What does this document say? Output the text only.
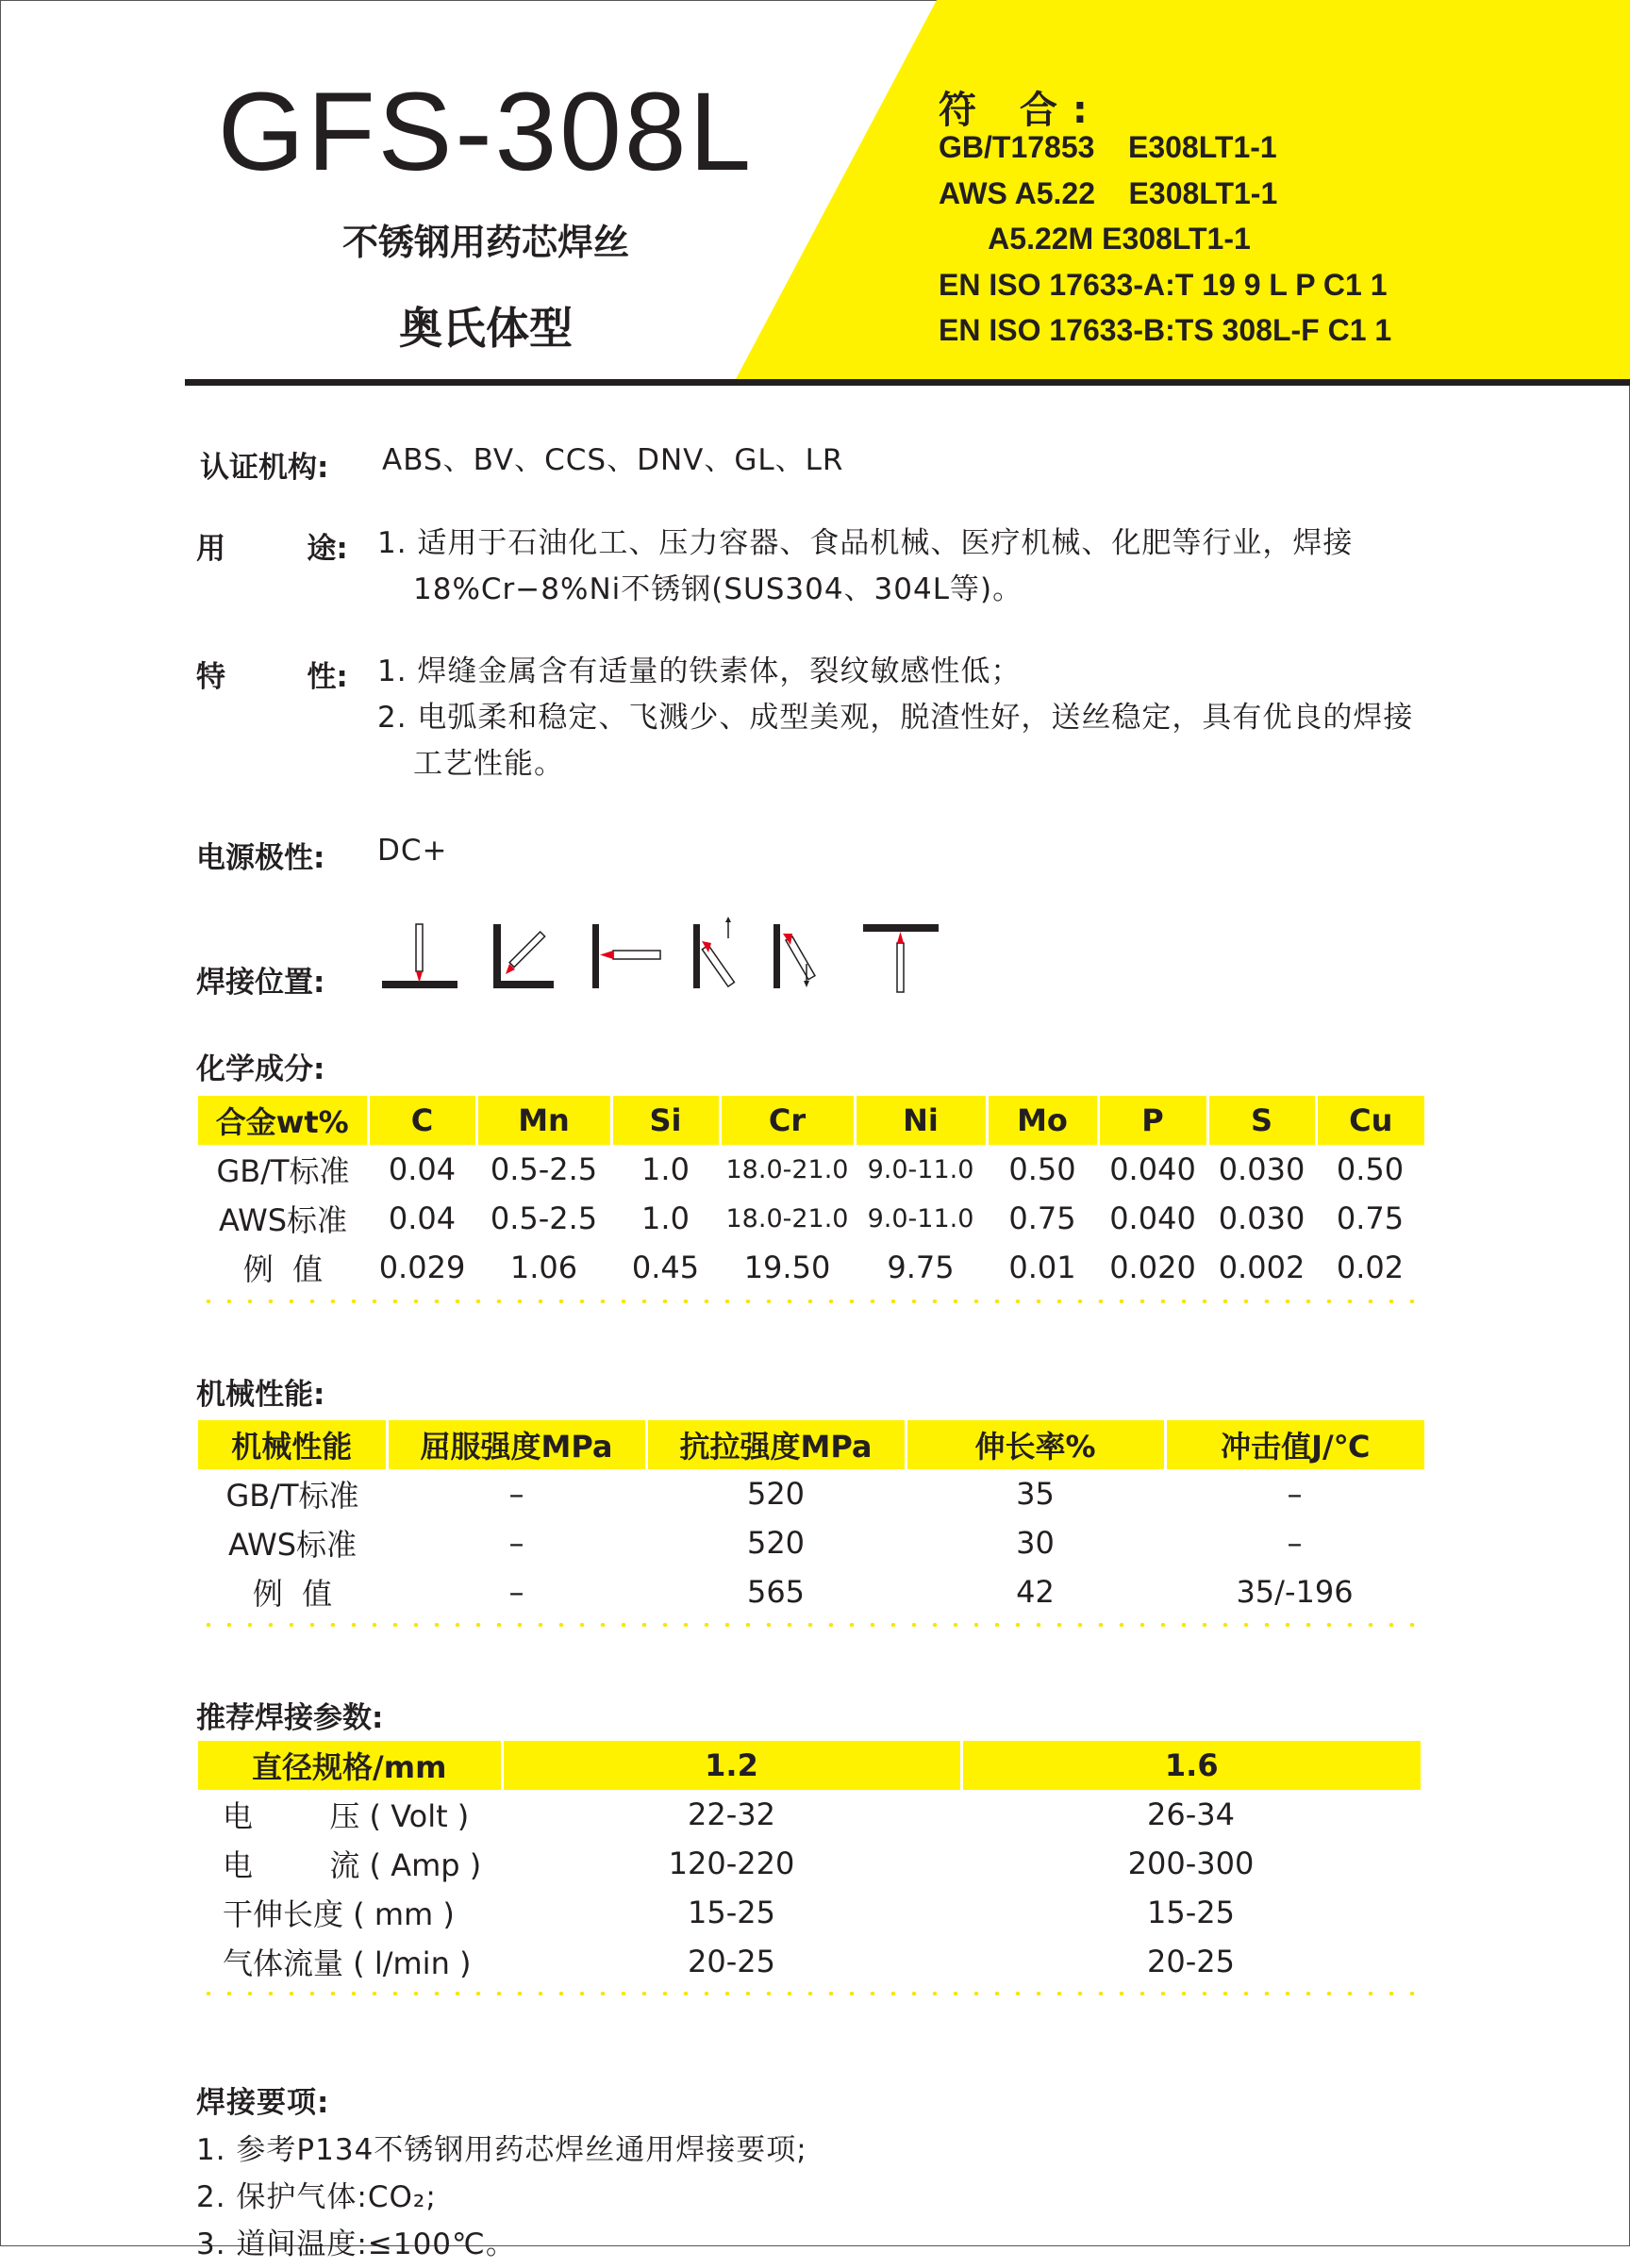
GFS-308L
不锈钢用药芯焊丝
奥氏体型
符 合:
GB/T17853    E308LT1-1
AWS A5.22    E308LT1-1
A5.22M E308LT1-1
EN ISO 17633-A:T 19 9 L P C1 1
EN ISO 17633-B:TS 308L-F C1 1
认证机构: ABS、BV、CCS、DNV、GL、LR
用        途: 1. 适用于石油化工、压力容器、食品机械、医疗机械、化肥等行业，焊接18%Cr−8%Ni不锈钢(SUS304、304L等)。
特        性: 1. 焊缝金属含有适量的铁素体，裂纹敏感性低；
2. 电弧柔和稳定、飞溅少、成型美观，脱渣性好，送丝稳定，具有优良的焊接工艺性能。
电源极性: DC+
焊接位置:
化学成分:
合金wt%	C	Mn	Si	Cr	Ni	Mo	P	S	Cu
GB/T标准	0.04	0.5-2.5	1.0	18.0-21.0	9.0-11.0	0.50	0.040	0.030	0.50
AWS标准	0.04	0.5-2.5	1.0	18.0-21.0	9.0-11.0	0.75	0.040	0.030	0.75
例  值	0.029	1.06	0.45	19.50	9.75	0.01	0.020	0.002	0.02
机械性能:
机械性能	屈服强度MPa	抗拉强度MPa	伸长率%	冲击值J/℃
GB/T标准	–	520	35	–
AWS标准	–	520	30	–
例  值	–	565	42	35/-196
推荐焊接参数:
直径规格/mm	1.2	1.6
电        压 ( Volt )	22-32	26-34
电        流 ( Amp )	120-220	200-300
干伸长度 ( mm )	15-25	15-25
气体流量 ( l/min )	20-25	20-25
焊接要项:
1. 参考P134不锈钢用药芯焊丝通用焊接要项;
2. 保护气体:CO₂;
3. 道间温度:≤100℃。
